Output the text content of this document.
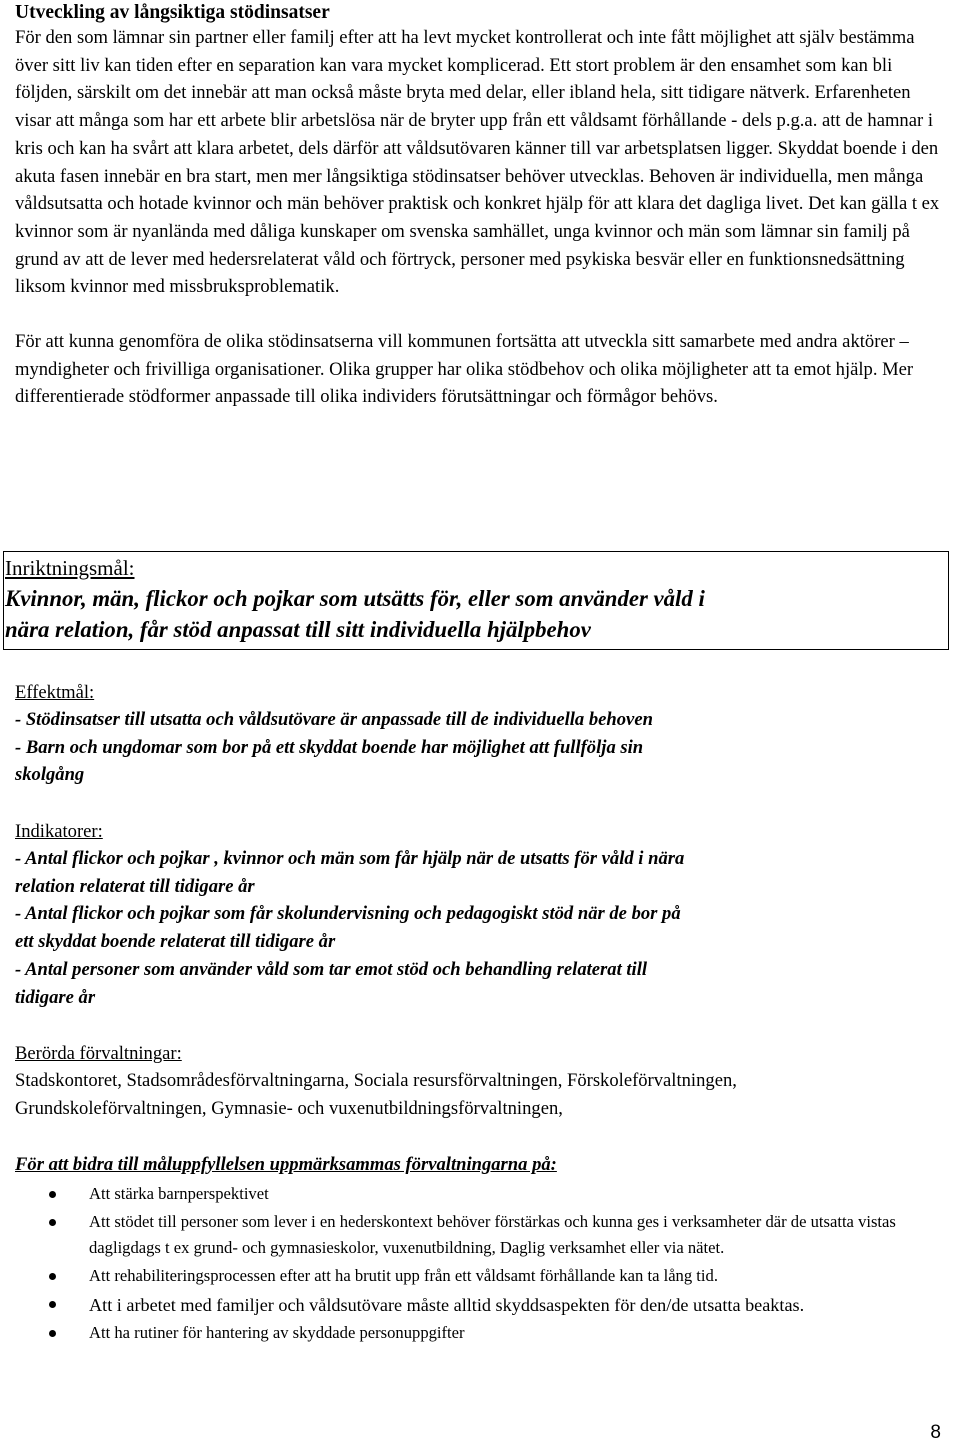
Utveckling av långsiktiga stödinsatser

För den som lämnar sin partner eller familj efter att ha levt mycket kontrollerat och inte fått möjlighet att själv bestämma över sitt liv kan tiden efter en separation kan vara mycket komplicerad. Ett stort problem är den ensamhet som kan bli följden, särskilt om det innebär att man också måste bryta med delar, eller ibland hela, sitt tidigare nätverk. Erfarenheten visar att många som har ett arbete blir arbetslösa när de bryter upp från ett våldsamt förhållande - dels p.g.a. att de hamnar i kris och kan ha svårt att klara arbetet, dels därför att våldsutövaren känner till var arbetsplatsen ligger. Skyddat boende i den akuta fasen innebär en bra start, men mer långsiktiga stödinsatser behöver utvecklas. Behoven är individuella, men många våldsutsatta och hotade kvinnor och män behöver praktisk och konkret hjälp för att klara det dagliga livet. Det kan gälla t ex kvinnor som är nyanlända med dåliga kunskaper om svenska samhället, unga kvinnor och män som lämnar sin familj på grund av att de lever med hedersrelaterat våld och förtryck, personer med psykiska besvär eller en funktionsnedsättning liksom kvinnor med missbruksproblematik.

För att kunna genomföra de olika stödinsatserna vill kommunen fortsätta att utveckla sitt samarbete med andra aktörer – myndigheter och frivilliga organisationer. Olika grupper har olika stödbehov och olika möjligheter att ta emot hjälp. Mer differentierade stödformer anpassade till olika individers förutsättningar och förmågor behövs.

Inriktningsmål:
Kvinnor, män, flickor och pojkar som utsätts för, eller som använder våld i
nära relation, får stöd anpassat till sitt individuella hjälpbehov
Effektmål:
- Stödinsatser till utsatta och våldsutövare är anpassade till de individuella behoven
- Barn och ungdomar som bor på ett skyddat boende har möjlighet att fullfölja sin
skolgång
Indikatorer:
- Antal flickor och pojkar , kvinnor och män som får hjälp när de utsatts för våld i nära
relation relaterat till tidigare år
- Antal flickor och pojkar som får skolundervisning och pedagogiskt stöd när de bor på
ett skyddat boende relaterat till tidigare år
- Antal personer som använder våld som tar emot stöd och behandling relaterat till
tidigare år
Berörda förvaltningar:
Stadskontoret, Stadsområdesförvaltningarna, Sociala resursförvaltningen, Förskoleförvaltningen,
Grundskoleförvaltningen, Gymnasie- och vuxenutbildningsförvaltningen,
För att bidra till måluppfyllelsen uppmärksammas förvaltningarna på:
Att stärka barnperspektivet
Att stödet till personer som lever i en hederskontext behöver förstärkas och kunna ges i verksamheter där de utsatta vistas dagligdags t ex grund- och gymnasieskolor, vuxenutbildning, Daglig verksamhet eller via nätet.
Att rehabiliteringsprocessen efter att ha brutit upp från ett våldsamt förhållande kan ta lång tid.
Att i arbetet med familjer och våldsutövare måste alltid skyddsaspekten för den/de utsatta beaktas.
Att ha rutiner för hantering av skyddade personuppgifter
8
